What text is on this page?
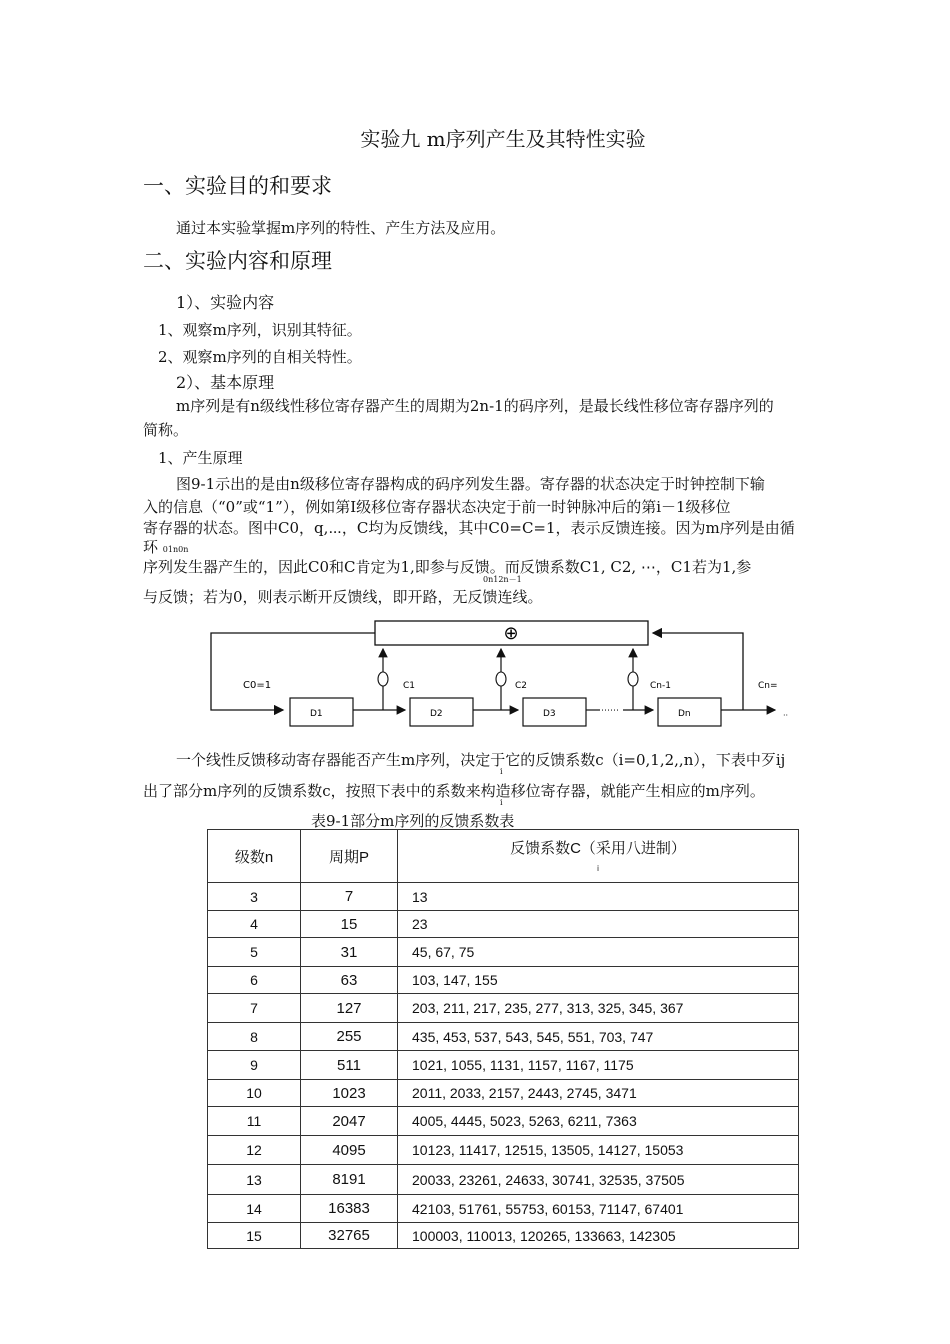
实验九 m序列产生及其特性实验
一、实验目的和要求
通过本实验掌握m序列的特性、产生方法及应用。
二、实验内容和原理
1）、实验内容
1、观察m序列，识别其特征。
2、观察m序列的自相关特性。
2）、基本原理
m序列是有n级线性移位寄存器产生的周期为2n-1的码序列，是最长线性移位寄存器序列的
简称。
1、产生原理
图9-1示出的是由n级移位寄存器构成的码序列发生器。寄存器的状态决定于时钟控制下输
入的信息（“0”或“1”），例如第I级移位寄存器状态决定于前一时钟脉冲后的第i－1级移位
寄存器的状态。图中C0，q,⋯，C均为反馈线，其中C0=C=1，表示反馈连接。因为m序列是由循
环 01n0n
序列发生器产生的，因此C0和C肯定为1,即参与反馈。而反馈系数C1, C2, ⋯，C1若为1,参
0n12n－1
与反馈；若为0，则表示断开反馈线，即开路，无反馈连线。
⊕
C0=1	C1	C2	Cn-1	Cn=
D1	D2	D3	Dn
⋯⋯	··
一个线性反馈移动寄存器能否产生m序列，决定于它的反馈系数c（i=0,1,2,,n），下表中歹ij
i
出了部分m序列的反馈系数c，按照下表中的系数来构造移位寄存器，就能产生相应的m序列。
i
表9-1部分m序列的反馈系数表
级数n	周期P	反馈系数C（采用八进制）
i
3	7	13
4	15	23
5	31	45, 67, 75
6	63	103, 147, 155
7	127	203, 211, 217, 235, 277, 313, 325, 345, 367
8	255	435, 453, 537, 543, 545, 551, 703, 747
9	511	1021, 1055, 1131, 1157, 1167, 1175
10	1023	2011, 2033, 2157, 2443, 2745, 3471
11	2047	4005, 4445, 5023, 5263, 6211, 7363
12	4095	10123, 11417, 12515, 13505, 14127, 15053
13	8191	20033, 23261, 24633, 30741, 32535, 37505
14	16383	42103, 51761, 55753, 60153, 71147, 67401
15	32765	100003, 110013, 120265, 133663, 142305
